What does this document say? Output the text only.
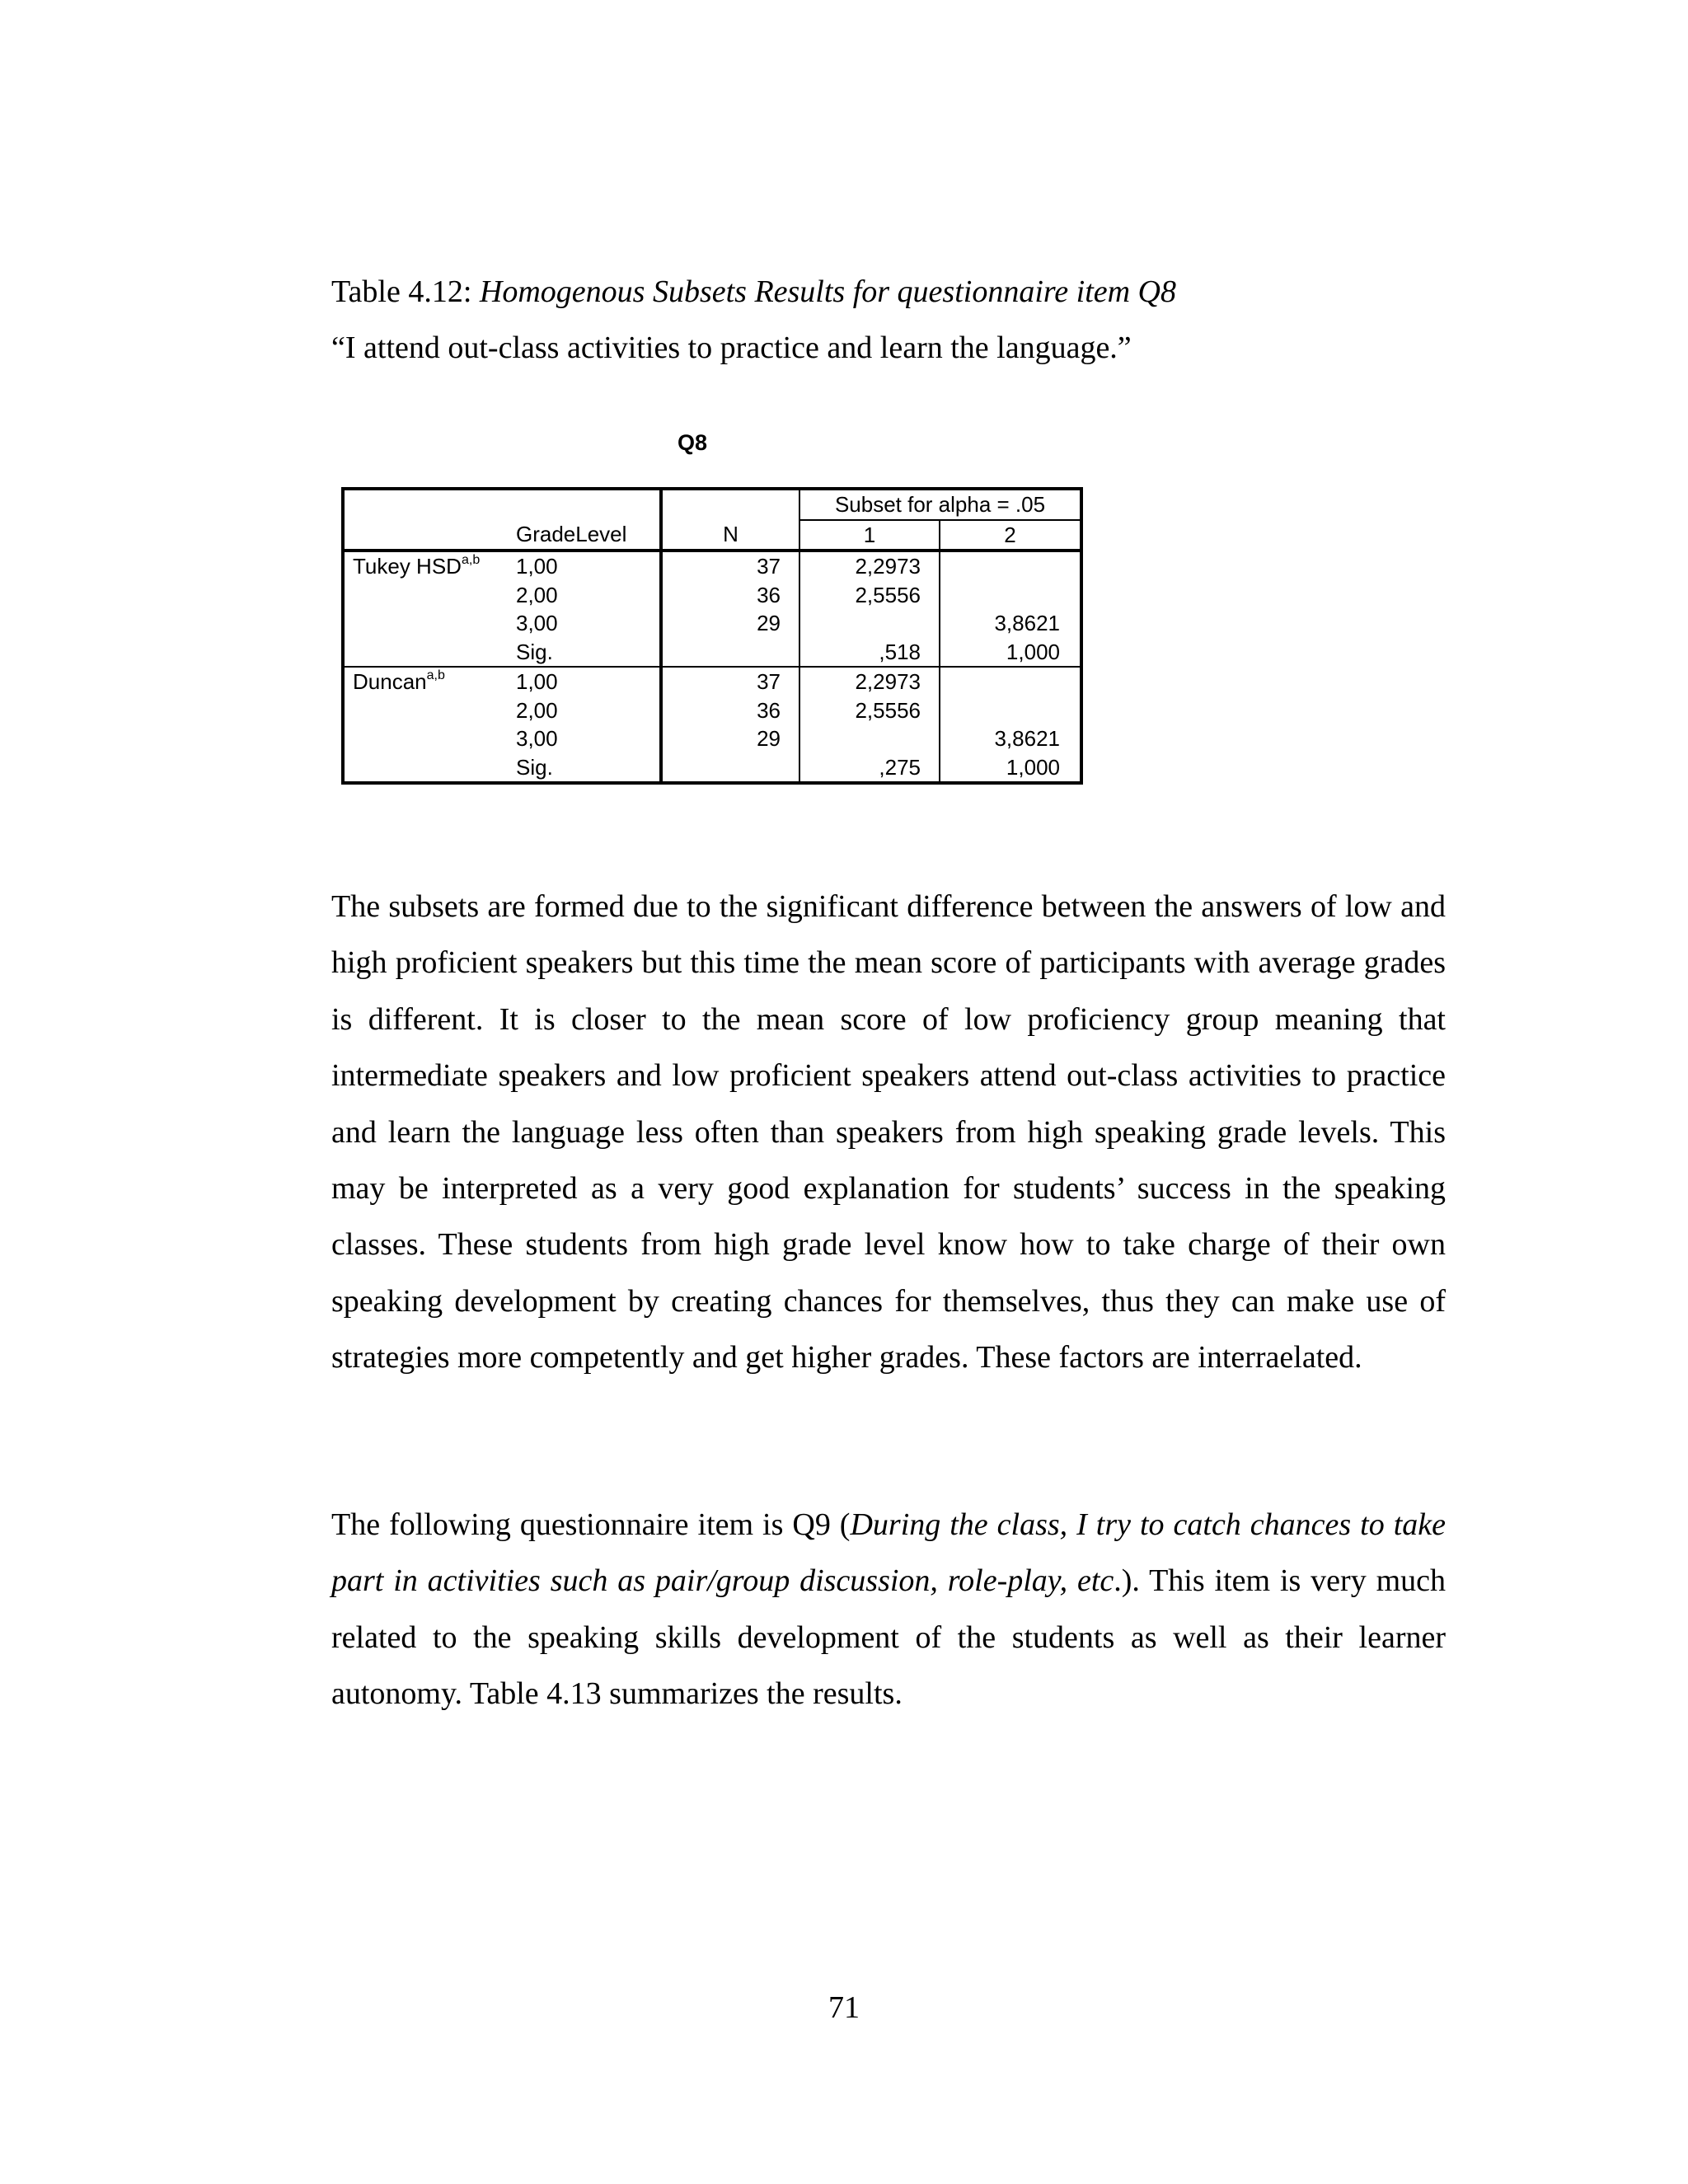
Table 4.12: Homogenous Subsets Results for questionnaire item Q8
“I attend out-class activities to practice and learn the language.”
Q8
			Subset for alpha = .05	
	GradeLevel	N	1	2
Tukey HSD$^{a,b}$	1,00	37	2,2973	
	2,00	36	2,5556	
	3,00	29		3,8621
	Sig.		,518	1,000
Duncan$^{a,b}$	1,00	37	2,2973	
	2,00	36	2,5556	
	3,00	29		3,8621
	Sig.		,275	1,000
The subsets are formed due to the significant difference between the answers of low and high proficient speakers but this time the mean score of participants with average grades is different. It is closer to the mean score of low proficiency group meaning that intermediate speakers and low proficient speakers attend out-class activities to practice and learn the language less often than speakers from high speaking grade levels. This may be interpreted as a very good explanation for students’ success in the speaking classes. These students from high grade level know how to take charge of their own speaking development by creating chances for themselves, thus they can make use of strategies more competently and get higher grades. These factors are interraelated.
The following questionnaire item is Q9 (During the class, I try to catch chances to take part in activities such as pair/group discussion, role-play, etc.). This item is very much related to the speaking skills development of the students as well as their learner autonomy. Table 4.13 summarizes the results.
71
